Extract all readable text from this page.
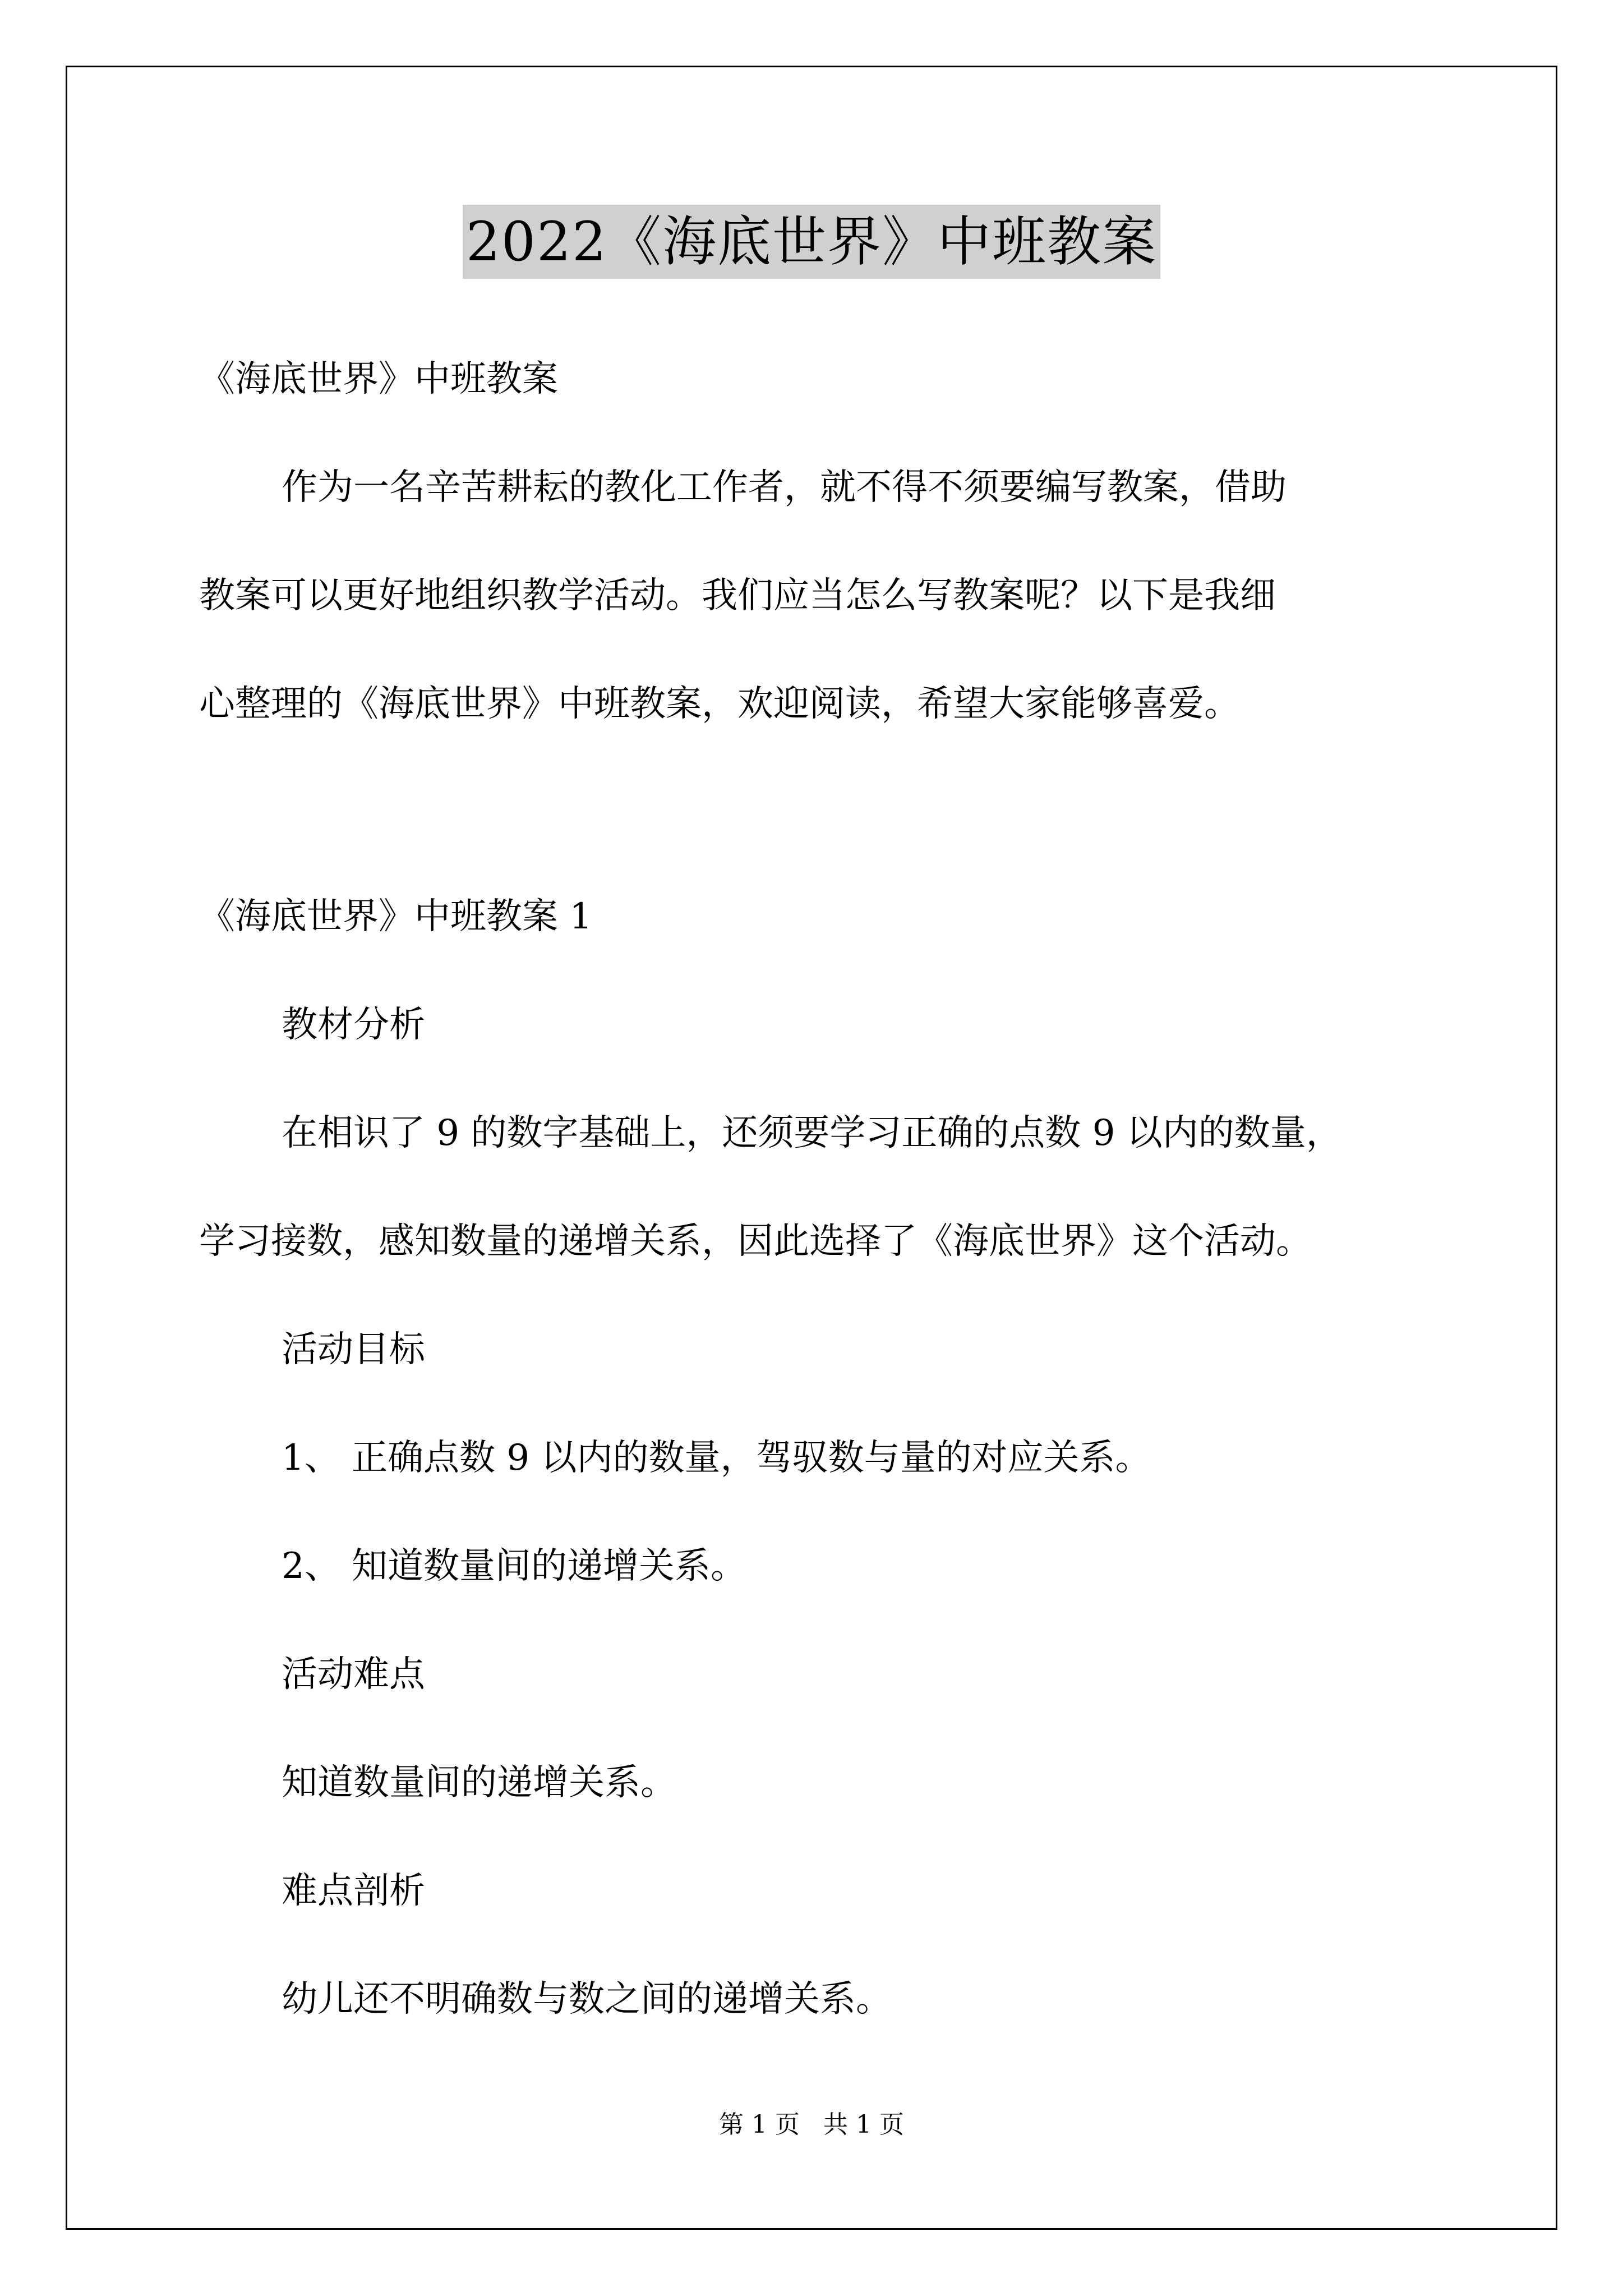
2022《海底世界》中班教案
《海底世界》中班教案
作为一名辛苦耕耘的教化工作者，就不得不须要编写教案，借助
教案可以更好地组织教学活动。我们应当怎么写教案呢？以下是我细
心整理的《海底世界》中班教案，欢迎阅读，希望大家能够喜爱。
《海底世界》中班教案 1
教材分析
在相识了 9 的数字基础上，还须要学习正确的点数 9 以内的数量，
学习接数，感知数量的递增关系，因此选择了《海底世界》这个活动。
活动目标
1、 正确点数 9 以内的数量，驾驭数与量的对应关系。
2、 知道数量间的递增关系。
活动难点
知道数量间的递增关系。
难点剖析
幼儿还不明确数与数之间的递增关系。
第 1 页   共 1 页
